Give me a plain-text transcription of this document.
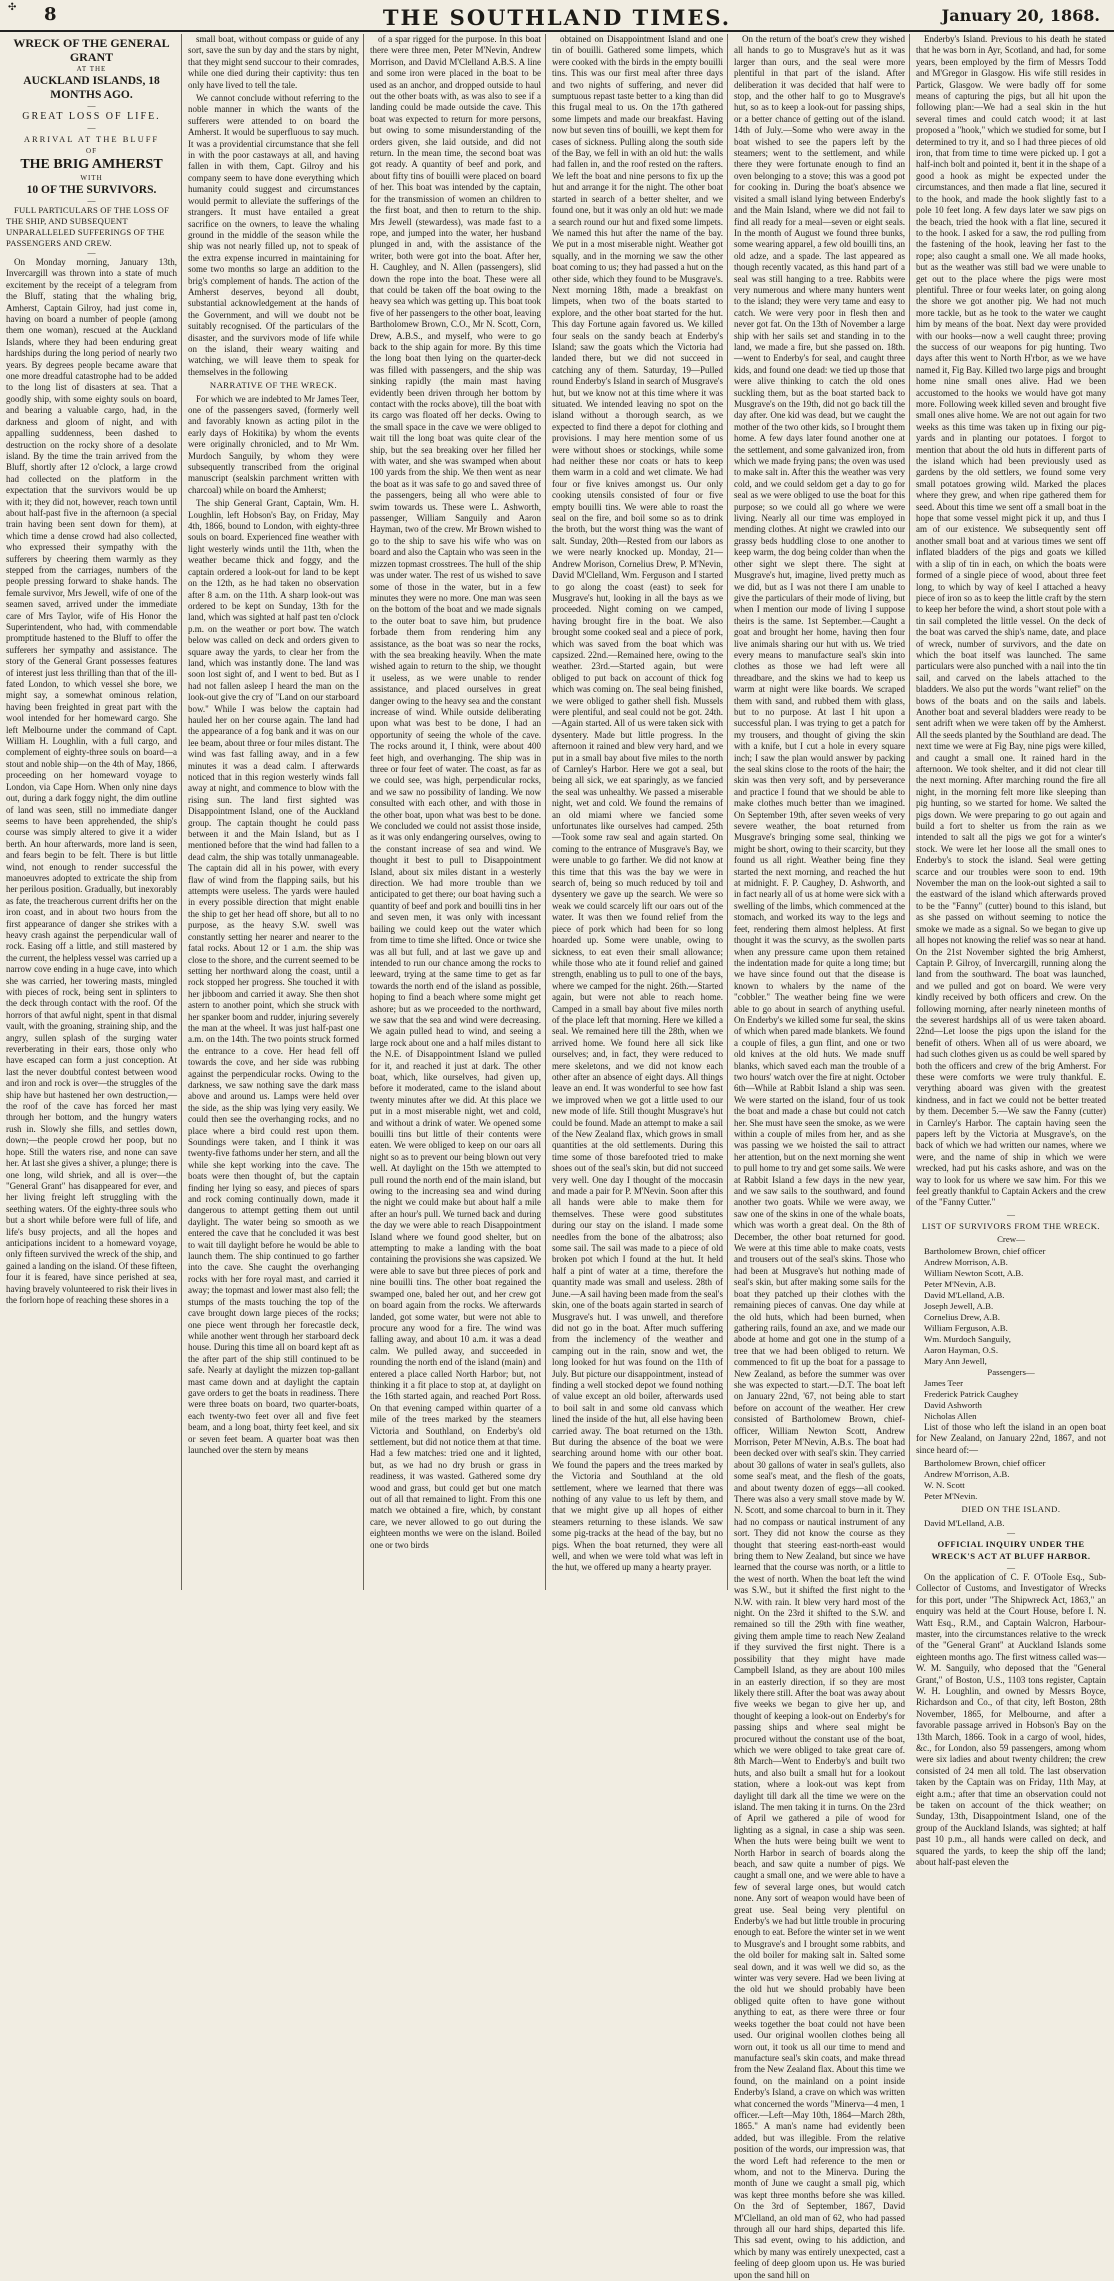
✣ 8	THE SOUTHLAND TIMES.	January 20, 1868.
WRECK OF THE GENERAL GRANT
AT THE
AUCKLAND ISLANDS, 18 MONTHS AGO.
—
GREAT LOSS OF LIFE.
—
ARRIVAL AT THE BLUFF
OF
THE BRIG AMHERST
WITH
10 OF THE SURVIVORS.
—
FULL PARTICULARS OF THE LOSS OF THE SHIP, AND SUBSEQUENT UNPARALLELED SUFFERINGS OF THE PASSENGERS AND CREW.
—

On Monday morning, January 13th, Invercargill was thrown into a state of much excitement by the receipt of a telegram from the Bluff, stating that the whaling brig, Amherst, Captain Gilroy, had just come in, having on board a number of people (among them one woman), rescued at the Auckland Islands, where they had been enduring great hardships during the long period of nearly two years. By degrees people became aware that one more dreadful catastrophe had to be added to the long list of disasters at sea. That a goodly ship, with some eighty souls on board, and bearing a valuable cargo, had, in the darkness and gloom of night, and with appalling suddenness, been dashed to destruction on the rocky shore of a desolate island. By the time the train arrived from the Bluff, shortly after 12 o'clock, a large crowd had collected on the platform in the expectation that the survivors would be up with it; they did not, however, reach town until about half-past five in the afternoon (a special train having been sent down for them), at which time a dense crowd had also collected, who expressed their sympathy with the sufferers by cheering them warmly as they stepped from the carriages, numbers of the people pressing forward to shake hands. The female survivor, Mrs Jewell, wife of one of the seamen saved, arrived under the immediate care of Mrs Taylor, wife of His Honor the Superintendent, who had, with commendable promptitude hastened to the Bluff to offer the sufferers her sympathy and assistance. The story of the General Grant possesses features of interest just less thrilling than that of the ill-fated London, to which vessel she bore, we might say, a somewhat ominous relation, having been freighted in great part with the wool intended for her homeward cargo. She left Melbourne under the command of Capt. William H. Loughlin, with a full cargo, and complement of eighty-three souls on board—a stout and noble ship—on the 4th of May, 1866, proceeding on her homeward voyage to London, via Cape Horn. When only nine days out, during a dark foggy night, the dim outline of land was seen, still no immediate danger seems to have been apprehended, the ship's course was simply altered to give it a wider berth. An hour afterwards, more land is seen, and fears begin to be felt. There is but little wind, not enough to render successful the manoeuvres adopted to extricate the ship from her perilous position. Gradually, but inexorably as fate, the treacherous current drifts her on the iron coast, and in about two hours from the first appearance of danger she strikes with a heavy crash against the perpendicular wall of rock. Easing off a little, and still mastered by the current, the helpless vessel was carried up a narrow cove ending in a huge cave, into which she was carried, her towering masts, mingled with pieces of rock, being sent in splinters to the deck through contact with the roof. Of the horrors of that awful night, spent in that dismal vault, with the groaning, straining ship, and the angry, sullen splash of the surging water reverberating in their ears, those only who have escaped can form a just conception. At last the never doubtful contest between wood and iron and rock is over—the struggles of the ship have but hastened her own destruction,—the roof of the cave has forced her mast through her bottom, and the hungry waters rush in. Slowly she fills, and settles down, down;—the people crowd her poop, but no hope. Still the waters rise, and none can save her. At last she gives a shiver, a plunge; there is one long, wild shriek, and all is over—the "General Grant" has disappeared for ever, and her living freight left struggling with the seething waters. Of the eighty-three souls who but a short while before were full of life, and life's busy projects, and all the hopes and anticipations incident to a homeward voyage, only fifteen survived the wreck of the ship, and gained a landing on the island. Of these fifteen, four it is feared, have since perished at sea, having bravely volunteered to risk their lives in the forlorn hope of reaching these shores in a

small boat, without compass or guide of any sort, save the sun by day and the stars by night, that they might send succour to their comrades, while one died during their captivity: thus ten only have lived to tell the tale.

We cannot conclude without referring to the noble manner in which the wants of the sufferers were attended to on board the Amherst. It would be superfluous to say much. It was a providential circumstance that she fell in with the poor castaways at all, and having fallen in with them, Capt. Gilroy and his company seem to have done everything which humanity could suggest and circumstances would permit to alleviate the sufferings of the strangers. It must have entailed a great sacrifice on the owners, to leave the whaling ground in the middle of the season while the ship was not nearly filled up, not to speak of the extra expense incurred in maintaining for some two months so large an addition to the brig's complement of hands. The action of the Amherst deserves, beyond all doubt, substantial acknowledgement at the hands of the Government, and will we doubt not be suitably recognised. Of the particulars of the disaster, and the survivors mode of life while on the island, their weary waiting and watching, we will leave them to speak for themselves in the following

NARRATIVE OF THE WRECK.

For which we are indebted to Mr James Teer, one of the passengers saved, (formerly well and favorably known as acting pilot in the early days of Hokitika) by whom the events were originally chronicled, and to Mr Wm. Murdoch Sanguily, by whom they were subsequently transcribed from the original manuscript (sealskin parchment written with charcoal) while on board the Amherst;

The ship General Grant, Captain, Wm. H. Loughlin, left Hobson's Bay, on Friday, May 4th, 1866, bound to London, with eighty-three souls on board. Experienced fine weather with light westerly winds until the 11th, when the weather became thick and foggy, and the captain ordered a look-out for land to be kept on the 12th, as he had taken no observation after 8 a.m. on the 11th. A sharp look-out was ordered to be kept on Sunday, 13th for the land, which was sighted at half past ten o'clock p.m. on the weather or port bow. The watch below was called on deck and orders given to square away the yards, to clear her from the land, which was instantly done. The land was soon lost sight of, and I went to bed. But as I had not fallen asleep I heard the man on the look-out give the cry of "Land on our starboard bow." While I was below the captain had hauled her on her course again. The land had the appearance of a fog bank and it was on our lee beam, about three or four miles distant. The wind was fast falling away, and in a few minutes it was a dead calm. I afterwards noticed that in this region westerly winds fall away at night, and commence to blow with the rising sun. The land first sighted was Disappointment Island, one of the Auckland group. The captain thought he could pass between it and the Main Island, but as I mentioned before that the wind had fallen to a dead calm, the ship was totally unmanageable. The captain did all in his power, with every flaw of wind from the flapping sails, but his attempts were useless. The yards were hauled in every possible direction that might enable the ship to get her head off shore, but all to no purpose, as the heavy S.W. swell was constantly setting her nearer and nearer to the fatal rocks. About 12 or 1 a.m. the ship was close to the shore, and the current seemed to be setting her northward along the coast, until a rock stopped her progress. She touched it with her jibboom and carried it away. She then shot astern to another point, which she struck with her spanker boom and rudder, injuring severely the man at the wheel. It was just half-past one a.m. on the 14th. The two points struck formed the entrance to a cove. Her head fell off towards the cove, and her side was rubbing against the perpendicular rocks. Owing to the darkness, we saw nothing save the dark mass above and around us. Lamps were held over the side, as the ship was lying very easily. We could then see the overhanging rocks, and no place where a bird could rest upon them. Soundings were taken, and I think it was twenty-five fathoms under her stern, and all the while she kept working into the cave. The boats were then thought of, but the captain finding her lying so easy, and pieces of spars and rock coming continually down, made it dangerous to attempt getting them out until daylight. The water being so smooth as we entered the cave that he concluded it was best to wait till daylight before he would be able to launch them. The ship continued to go farther into the cave. She caught the overhanging rocks with her fore royal mast, and carried it away; the topmast and lower mast also fell; the stumps of the masts touching the top of the cave brought down large pieces of the rocks; one piece went through her forecastle deck, while another went through her starboard deck house. During this time all on board kept aft as the after part of the ship still continued to be safe. Nearly at daylight the mizzen top-gallant mast came down and at daylight the captain gave orders to get the boats in readiness. There were three boats on board, two quarter-boats, each twenty-two feet over all and five feet beam, and a long boat, thirty feet keel, and six or seven feet beam. A quarter boat was then launched over the stern by means

of a spar rigged for the purpose. In this boat there were three men, Peter M'Nevin, Andrew Morrison, and David M'Clelland A.B.S. A line and some iron were placed in the boat to be used as an anchor, and dropped outside to haul out the other boats with, as was also to see if a landing could be made outside the cave. This boat was expected to return for more persons, but owing to some misunderstanding of the orders given, she laid outside, and did not return. In the mean time, the second boat was got ready. A quantity of beef and pork, and about fifty tins of bouilli were placed on board of her. This boat was intended by the captain, for the transmission of women an children to the first boat, and then to return to the ship. Mrs Jewell (stewardess), was made fast to a rope, and jumped into the water, her husband plunged in and, with the assistance of the writer, both were got into the boat. After her, H. Caughley, and N. Allen (passengers), slid down the rope into the boat. These were all that could be taken off the boat owing to the heavy sea which was getting up. This boat took five of her passengers to the other boat, leaving Bartholomew Brown, C.O., Mr N. Scott, Corn, Drew, A.B.S., and myself, who were to go back to the ship again for more. By this time the long boat then lying on the quarter-deck was filled with passengers, and the ship was sinking rapidly (the main mast having evidently been driven through her bottom by contact with the rocks above), till the boat with its cargo was floated off her decks. Owing to the small space in the cave we were obliged to wait till the long boat was quite clear of the ship, but the sea breaking over her filled her with water, and she was swamped when about 100 yards from the ship. We then went as near the boat as it was safe to go and saved three of the passengers, being all who were able to swim towards us. These were L. Ashworth, passenger, William Sanguily and Aaron Hayman, two of the crew. Mr Brown wished to go to the ship to save his wife who was on board and also the Captain who was seen in the mizzen topmast crosstrees. The hull of the ship was under water. The rest of us wished to save some of those in the water, but in a few minutes they were no more. One man was seen on the bottom of the boat and we made signals to the outer boat to save him, but prudence forbade them from rendering him any assistance, as the boat was so near the rocks, with the sea breaking heavily. When the mate wished again to return to the ship, we thought it useless, as we were unable to render assistance, and placed ourselves in great danger owing to the heavy sea and the constant increase of wind. While outside deliberating upon what was best to be done, I had an opportunity of seeing the whole of the cave. The rocks around it, I think, were about 400 feet high, and overhanging. The ship was in three or four feet of water. The coast, as far as we could see, was high, perpendicular rocks, and we saw no possibility of landing. We now consulted with each other, and with those in the other boat, upon what was best to be done. We concluded we could not assist those inside, as it was only endangering ourselves, owing to the constant increase of sea and wind. We thought it best to pull to Disappointment Island, about six miles distant in a westerly direction. We had more trouble than we anticipated to get there; our boat having such a quantity of beef and pork and bouilli tins in her and seven men, it was only with incessant bailing we could keep out the water which from time to time she lifted. Once or twice she was all but full, and at last we gave up and intended to run our chance among the rocks to leeward, trying at the same time to get as far towards the north end of the island as possible, hoping to find a beach where some might get ashore; but as we proceeded to the northward, we saw that the sea and wind were decreasing. We again pulled head to wind, and seeing a large rock about one and a half miles distant to the N.E. of Disappointment Island we pulled for it, and reached it just at dark. The other boat, which, like ourselves, had given up, before it moderated, came to the island about twenty minutes after we did. At this place we put in a most miserable night, wet and cold, and without a drink of water. We opened some bouilli tins but little of their contents were eaten. We were obliged to keep on our oars all night so as to prevent our being blown out very well. At daylight on the 15th we attempted to pull round the north end of the main island, but owing to the increasing sea and wind during the night we could make but about half a mile after an hour's pull. We turned back and during the day we were able to reach Disappointment Island where we found good shelter, but on attempting to make a landing with the boat containing the provisions she was capsized. We were able to save but three pieces of pork and nine bouilli tins. The other boat regained the swamped one, baled her out, and her crew got on board again from the rocks. We afterwards landed, got some water, but were not able to procure any wood for a fire. The wind was falling away, and about 10 a.m. it was a dead calm. We pulled away, and succeeded in rounding the north end of the island (main) and entered a place called North Harbor; but, not thinking it a fit place to stop at, at daylight on the 16th started again, and reached Port Ross. On that evening camped within quarter of a mile of the trees marked by the steamers Victoria and Southland, on Enderby's old settlement, but did not notice them at that time. Had a few matches: tried one and it lighted, but, as we had no dry brush or grass in readiness, it was wasted. Gathered some dry wood and grass, but could get but one match out of all that remained to light. From this one match we obtained a fire, which, by constant care, we never allowed to go out during the eighteen months we were on the island. Boiled one or two birds

obtained on Disappointment Island and one tin of bouilli. Gathered some limpets, which were cooked with the birds in the empty bouilli tins. This was our first meal after three days and two nights of suffering, and never did sumptuous repast taste better to a king than did this frugal meal to us. On the 17th gathered some limpets and made our breakfast. Having now but seven tins of bouilli, we kept them for cases of sickness. Pulling along the south side of the Bay, we fell in with an old hut: the walls had fallen in, and the roof rested on the rafters. We left the boat and nine persons to fix up the hut and arrange it for the night. The other boat started in search of a better shelter, and we found one, but it was only an old hut: we made a search round our hut and fixed some limpets. We named this hut after the name of the bay. We put in a most miserable night. Weather got squally, and in the morning we saw the other boat coming to us; they had passed a hut on the other side, which they found to be Musgrave's. Next morning 18th, made a breakfast on limpets, when two of the boats started to explore, and the other boat started for the hut. This day Fortune again favored us. We killed four seals on the sandy beach at Enderby's Island; saw the goats which the Victoria had landed there, but we did not succeed in catching any of them. Saturday, 19—Pulled round Enderby's Island in search of Musgrave's hut, but we know not at this time where it was situated. We intended leaving no spot on the island without a thorough search, as we expected to find there a depot for clothing and provisions. I may here mention some of us were without shoes or stockings, while some had neither these nor coats or hats to keep them warm in a cold and wet climate. We had four or five knives amongst us. Our only cooking utensils consisted of four or five empty bouilli tins. We were able to roast the seal on the fire, and boil some so as to drink the broth, but the worst thing was the want of salt. Sunday, 20th—Rested from our labors as we were nearly knocked up. Monday, 21—Andrew Morison, Cornelius Drew, P. M'Nevin, David M'Clelland, Wm. Ferguson and I started to go along the coast (east) to seek for Musgrave's hut, looking in all the bays as we proceeded. Night coming on we camped, having brought fire in the boat. We also brought some cooked seal and a piece of pork, which was saved from the boat which was capsized. 22nd.—Remained here, owing to the weather. 23rd.—Started again, but were obliged to put back on account of thick fog which was coming on. The seal being finished, we were obliged to gather shell fish. Mussels were plentiful, and seal could not be got. 24th.—Again started. All of us were taken sick with dysentery. Made but little progress. In the afternoon it rained and blew very hard, and we put in a small bay about five miles to the north of Carnley's Harbor. Here we got a seal, but being all sick, we eat sparingly, as we fancied the seal was unhealthy. We passed a miserable night, wet and cold. We found the remains of an old miami where we fancied some unfortunates like ourselves had camped. 25th—Took some raw seal and again started. On coming to the entrance of Musgrave's Bay, we were unable to go farther. We did not know at this time that this was the bay we were in search of, being so much reduced by toil and dysentery we gave up the search. We were so weak we could scarcely lift our oars out of the water. It was then we found relief from the piece of pork which had been for so long hoarded up. Some were unable, owing to sickness, to eat even their small allowance; while those who ate it found relief and gained strength, enabling us to pull to one of the bays, where we camped for the night. 26th.—Started again, but were not able to reach home. Camped in a small bay about five miles north of the place left that morning. Here we killed a seal. We remained here till the 28th, when we arrived home. We found here all sick like ourselves; and, in fact, they were reduced to mere skeletons, and we did not know each other after an absence of eight days. All things leave an end. It was wonderful to see how fast we improved when we got a little used to our new mode of life. Still thought Musgrave's hut could be found. Made an attempt to make a sail of the New Zealand flax, which grows in small quantities at the old settlements. During this time some of those barefooted tried to make shoes out of the seal's skin, but did not succeed very well. One day I thought of the moccasin and made a pair for P. M'Nevin. Soon after this all hands were able to make them for themselves. These were good substitutes during our stay on the island. I made some needles from the bone of the albatross; also some sail. The sail was made to a piece of old broken pot which I found at the hut. It held half a pint of water at a time, therefore the quantity made was small and useless. 28th of June.—A sail having been made from the seal's skin, one of the boats again started in search of Musgrave's hut. I was unwell, and therefore did not go in the boat. After much suffering from the inclemency of the weather and camping out in the rain, snow and wet, the long looked for hut was found on the 11th of July. But picture our disappointment, instead of finding a well stocked depot we found nothing of value except an old boiler, afterwards used to boil salt in and some old canvass which lined the inside of the hut, all else having been carried away. The boat returned on the 13th. But during the absence of the boat we were searching around home with our other boat. We found the papers and the trees marked by the Victoria and Southland at the old settlement, where we learned that there was nothing of any value to us left by them, and that we might give up all hopes of either steamers returning to these islands. We saw some pig-tracks at the head of the bay, but no pigs. When the boat returned, they were all well, and when we were told what was left in the hut, we offered up many a hearty prayer.

On the return of the boat's crew they wished all hands to go to Musgrave's hut as it was larger than ours, and the seal were more plentiful in that part of the island. After deliberation it was decided that half were to stop, and the other half to go to Musgrave's hut, so as to keep a look-out for passing ships, or a better chance of getting out of the island. 14th of July.—Some who were away in the boat wished to see the papers left by the steamers; went to the settlement, and while there they were fortunate enough to find an oven belonging to a stove; this was a good pot for cooking in. During the boat's absence we visited a small island lying between Enderby's and the Main Island, where we did not fail to find all ready for a meal—seven or eight seals. In the month of August we found three bunks, some wearing apparel, a few old bouilli tins, an old adze, and a spade. The last appeared as though recently vacated, as this hand part of a seal was still hanging to a tree. Rabbits were very numerous and where many hunters went to the island; they were very tame and easy to catch. We were very poor in flesh then and never got fat. On the 13th of November a large ship with her sails set and standing in to the land, we made a fire, but she passed on. 18th.—went to Enderby's for seal, and caught three kids, and found one dead: we tied up those that were alive thinking to catch the old ones suckling them, but as the boat started back to Musgrave's on the 19th, did not go back till the day after. One kid was dead, but we caught the mother of the two other kids, so I brought them home. A few days later found another one at the settlement, and some galvanized iron, from which we made frying pans; the oven was used to make salt in. After this the weather was very cold, and we could seldom get a day to go for seal as we were obliged to use the boat for this purpose; so we could all go where we were living. Nearly all our time was employed in mending clothes. At night we crawled into our grassy beds huddling close to one another to keep warm, the dog being colder than when the other sight we slept there. The sight at Musgrave's hut, imagine, lived pretty much as we did, but as I was not there I am unable to give the particulars of their mode of living, but when I mention our mode of living I suppose theirs is the same. 1st September.—Caught a goat and brought her home, having then four live animals sharing our hut with us. We tried every means to manufacture seal's skin into clothes as those we had left were all threadbare, and the skins we had to keep us warm at night were like boards. We scraped them with sand, and rubbed them with glass, but to no purpose. At last I hit upon a successful plan. I was trying to get a patch for my trousers, and thought of giving the skin with a knife, but I cut a hole in every square inch; I saw the plan would answer by packing the seal skins close to the roots of the hair; the skin was then very soft, and by perseverance and practice I found that we should be able to make clothes much better than we imagined. On September 19th, after seven weeks of very severe weather, the boat returned from Musgrave's bringing some seal, thinking we might be short, owing to their scarcity, but they found us all right. Weather being fine they started the next morning, and reached the hut at midnight. F. P. Caughey, D. Ashworth, and in fact nearly all of us at home were sick with a swelling of the limbs, which commenced at the stomach, and worked its way to the legs and feet, rendering them almost helpless. At first thought it was the scurvy, as the swollen parts when any pressure came upon them retained the indentation made for quite a long time; but we have since found out that the disease is known to whalers by the name of the "cobbler." The weather being fine we were able to go about in search of anything useful. On Enderby's we killed some fur seal, the skins of which when pared made blankets. We found a couple of files, a gun flint, and one or two old knives at the old huts. We made snuff blanks, which saved each man the trouble of a two hours' watch over the fire at night. October 6th—While at Rabbit Island a ship was seen. We were started on the island, four of us took the boat and made a chase but could not catch her. She must have seen the smoke, as we were within a couple of miles from her, and as she was passing we we hoisted the sail to attract her attention, but on the next morning she went to pull home to try and get some sails. We were at Rabbit Island a few days in the new year, and we saw sails to the southward, and found another two goats. While we were away, we saw one of the skins in one of the whale boats, which was worth a great deal. On the 8th of December, the other boat returned for good. We were at this time able to make coats, vests and trousers out of the seal's skins. Those who had been at Musgrave's hut nothing made of seal's skin, but after making some sails for the boat they patched up their clothes with the remaining pieces of canvas. One day while at the old huts, which had been burned, when gathering rails, found an axe, and we made our abode at home and got one in the stump of a tree that we had been obliged to return. We commenced to fit up the boat for a passage to New Zealand, as before the summer was over she was expected to start.—D.T. The boat left on January 22nd, '67, not being able to start before on account of the weather. Her crew consisted of Bartholomew Brown, chief-officer, William Newton Scott, Andrew Morrison, Peter M'Nevin, A.B.s. The boat had been decked over with seal's skin. They carried about 30 gallons of water in seal's gullets, also some seal's meat, and the flesh of the goats, and about twenty dozen of eggs—all cooked. There was also a very small stove made by W. N. Scott, and some charcoal to burn in it. They had no compass or nautical instrument of any sort. They did not know the course as they thought that steering east-north-east would bring them to New Zealand, but since we have learned that the course was north, or a little to the west of north. When the boat left the wind was S.W., but it shifted the first night to the N.W. with rain. It blew very hard most of the night. On the 23rd it shifted to the S.W. and remained so till the 29th with fine weather, giving them ample time to reach New Zealand if they survived the first night. There is a possibility that they might have made Campbell Island, as they are about 100 miles in an easterly direction, if so they are most likely there still. After the boat was away about five weeks we began to give her up, and thought of keeping a look-out on Enderby's for passing ships and where seal might be procured without the constant use of the boat, which we were obliged to take great care of. 8th March—Went to Enderby's and built two huts, and also built a small hut for a lookout station, where a look-out was kept from daylight till dark all the time we were on the island. The men taking it in turns. On the 23rd of April we gathered a pile of wood for lighting as a signal, in case a ship was seen. When the huts were being built we went to North Harbor in search of boards along the beach, and saw quite a number of pigs. We caught a small one, and we were able to have a few of several large ones, but would catch none. Any sort of weapon would have been of great use. Seal being very plentiful on Enderby's we had but little trouble in procuring enough to eat. Before the winter set in we went to Musgrave's and I brought some rabbits, and the old boiler for making salt in. Salted some seal down, and it was well we did so, as the winter was very severe. Had we been living at the old hut we should probably have been obliged quite often to have gone without anything to eat, as there were three or four weeks together the boat could not have been used. Our original woollen clothes being all worn out, it took us all our time to mend and manufacture seal's skin coats, and make thread from the New Zealand flax. About this time we found, on the mainland on a point inside Enderby's Island, a crave on which was written what concerned the words "Minerva—4 men, 1 officer.—Left—May 10th, 1864—March 28th, 1865." A man's name had evidently been added, but was illegible. From the relative position of the words, our impression was, that the word Left had reference to the men or whom, and not to the Minerva. During the month of June we caught a small pig, which was kept three months before she was killed. On the 3rd of September, 1867, David M'Clelland, an old man of 62, who had passed through all our hard ships, departed this life. This sad event, owing to his addiction, and which by many was entirely unexpected, cast a feeling of deep gloom upon us. He was buried upon the sand hill on

Enderby's Island. Previous to his death he stated that he was born in Ayr, Scotland, and had, for some years, been employed by the firm of Messrs Todd and M'Gregor in Glasgow. His wife still resides in Partick, Glasgow. We were badly off for some means of capturing the pigs, but all hit upon the following plan:—We had a seal skin in the hut several times and could catch wood; it at last proposed a "hook," which we studied for some, but I determined to try it, and so I had three pieces of old iron, that from time to time were picked up. I got a half-inch bolt and pointed it, bent it in the shape of a good a hook as might be expected under the circumstances, and then made a flat line, secured it to the hook, and made the hook slightly fast to a pole 10 feet long. A few days later we saw pigs on the beach, tried the hook with a flat line, secured it to the hook. I asked for a saw, the rod pulling from the fastening of the hook, leaving her fast to the rope; also caught a small one. We all made hooks, but as the weather was still bad we were unable to get out to the place where the pigs were most plentiful. Three or four weeks later, on going along the shore we got another pig. We had not much more tackle, but as he took to the water we caught him by means of the boat. Next day were provided with our hooks—now a well caught three; proving the success of our weapons for pig hunting. Two days after this went to North H'rbor, as we we have named it, Fig Bay. Killed two large pigs and brought home nine small ones alive. Had we been accustomed to the hooks we would have got many more. Following week killed seven and brought five small ones alive home. We are not out again for two weeks as this time was taken up in fixing our pig-yards and in planting our potatoes. I forgot to mention that about the old huts in different parts of the island which had been previously used as gardens by the old settlers, we found some very small potatoes growing wild. Marked the places where they grew, and when ripe gathered them for seed. About this time we sent off a small boat in the hope that some vessel might pick it up, and thus I am of our existence. We subsequently sent off another small boat and at various times we sent off inflated bladders of the pigs and goats we killed with a slip of tin in each, on which the boats were formed of a single piece of wood, about three feet long, to which by way of keel I attached a heavy piece of iron so as to keep the little craft by the stern to keep her before the wind, a short stout pole with a tin sail completed the little vessel. On the deck of the boat was carved the ship's name, date, and place of wreck, number of survivors, and the date on which the boat itself was launched. The same particulars were also punched with a nail into the tin sail, and carved on the labels attached to the bladders. We also put the words "want relief" on the bows of the boats and on the sails and labels. Another boat and several bladders were ready to be sent adrift when we were taken off by the Amherst. All the seeds planted by the Southland are dead. The next time we were at Fig Bay, nine pigs were killed, and caught a small one. It rained hard in the afternoon. We took shelter, and it did not clear till the next morning. After marching round the fire all night, in the morning felt more like sleeping than pig hunting, so we started for home. We salted the pigs down. We were preparing to go out again and build a fort to shelter us from the rain as we intended to salt all the pigs we got for a winter's stock. We were let her loose all the small ones to Enderby's to stock the island. Seal were getting scarce and our troubles were soon to end. 19th November the man on the look-out sighted a sail to the eastward of the island which afterwards proved to be the "Fanny" (cutter) bound to this island, but as she passed on without seeming to notice the smoke we made as a signal. So we began to give up all hopes not knowing the relief was so near at hand. On the 21st November sighted the brig Amherst, Captain P. Gilroy, of Invercargill, running along the land from the southward. The boat was launched, and we pulled and got on board. We were very kindly received by both officers and crew. On the following morning, after nearly nineteen months of the severest hardships all of us were taken aboard. 22nd—Let loose the pigs upon the island for the benefit of others. When all of us were aboard, we had such clothes given us as could be well spared by both the officers and crew of the brig Amherst. For these were comforts we were truly thankful. E. verything aboard was given with the greatest kindness, and in fact we could not be better treated by them. December 5.—We saw the Fanny (cutter) in Carnley's Harbor. The captain having seen the papers left by the Victoria at Musgrave's, on the back of which we had written our names, where we were, and the name of ship in which we were wrecked, had put his casks ashore, and was on the way to look for us where we saw him. For this we feel greatly thankful to Captain Ackers and the crew of the "Fanny Cutter."

—
LIST OF SURVIVORS FROM THE WRECK.
Crew—
Bartholomew Brown, chief officer
Andrew Morrison, A.B.
William Newton Scott, A.B.
Peter M'Nevin, A.B.
David M'Lelland, A.B.
Joseph Jewell, A.B.
Cornelius Drew, A.B.
William Ferguson, A.B.
Wm. Murdoch Sanguily,
Aaron Hayman, O.S.
Mary Ann Jewell,
Passengers—
James Teer
Frederick Patrick Caughey
David Ashworth
Nicholas Allen

List of those who left the island in an open boat for New Zealand, on January 22nd, 1867, and not since heard of:—

Bartholomew Brown, chief officer
Andrew M'orrison, A.B.
W. N. Scott
Peter M'Nevin.
DIED ON THE ISLAND.
David M'Lelland, A.B.
—
OFFICIAL INQUIRY UNDER THE WRECK'S ACT AT BLUFF HARBOR.
—

On the application of C. F. O'Toole Esq., Sub-Collector of Customs, and Investigator of Wrecks for this port, under "The Shipwreck Act, 1863," an enquiry was held at the Court House, before I. N. Watt Esq., R.M., and Captain Walcron, Harbour-master, into the circumstances relative to the wreck of the "General Grant" at Auckland Islands some eighteen months ago. The first witness called was— W. M. Sanguily, who deposed that the "General Grant," of Boston, U.S., 1103 tons register, Captain W. H. Loughlin, and owned by Messrs Boyce, Richardson and Co., of that city, left Boston, 28th November, 1865, for Melbourne, and after a favorable passage arrived in Hobson's Bay on the 13th March, 1866. Took in a cargo of wool, hides, &c., for London, also 59 passengers, among whom were six ladies and about twenty children; the crew consisted of 24 men all told. The last observation taken by the Captain was on Friday, 11th May, at eight a.m.; after that time an observation could not be taken on account of the thick weather; on Sunday, 13th, Disappointment Island, one of the group of the Auckland Islands, was sighted; at half past 10 p.m., all hands were called on deck, and squared the yards, to keep the ship off the land; about half-past eleven the
